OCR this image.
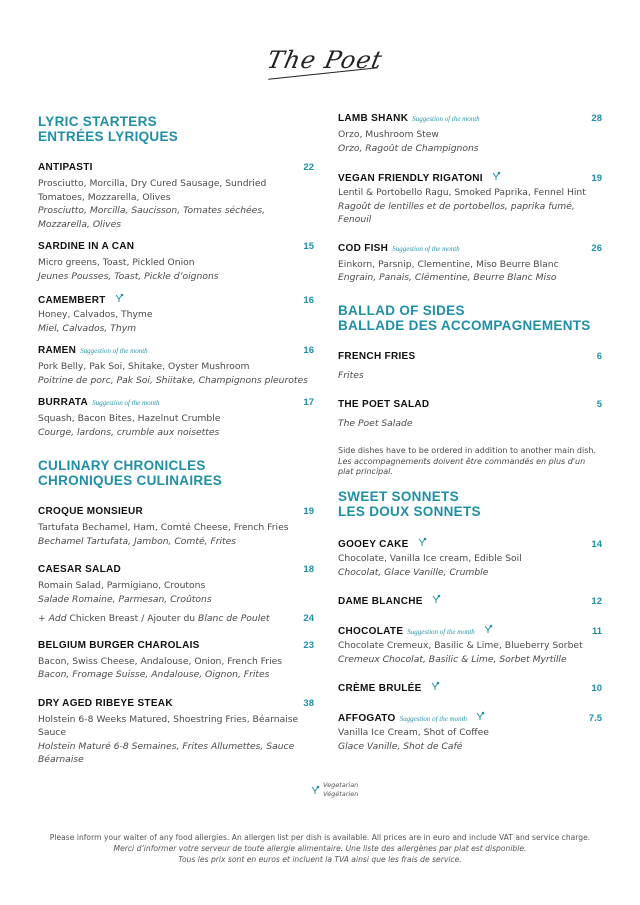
The Poet
LYRIC STARTERS
ENTRÉES LYRIQUES
ANTIPASTI	22
Prosciutto, Morcilla, Dry Cured Sausage, Sundried Tomatoes, Mozzarella, Olives
Prosciutto, Morcilla, Saucisson, Tomates séchées, Mozzarella, Olives
SARDINE IN A CAN	15
Micro greens, Toast, Pickled Onion
Jeunes Pousses, Toast, Pickle d’oignons
CAMEMBERT	16
Honey, Calvados, Thyme
Miel, Calvados, Thym
RAMEN Suggestion of the month	16
Pork Belly, Pak Soi, Shitake, Oyster Mushroom
Poitrine de porc, Pak Soi, Shiitake, Champignons pleurotes
BURRATA Suggestion of the month	17
Squash, Bacon Bites, Hazelnut Crumble
Courge, lardons, crumble aux noisettes
CULINARY CHRONICLES
CHRONIQUES CULINAIRES
CROQUE MONSIEUR	19
Tartufata Bechamel, Ham, Comté Cheese, French Fries
Bechamel Tartufata, Jambon, Comté, Frites
CAESAR SALAD	18
Romain Salad, Parmigiano, Croutons
Salade Romaine, Parmesan, Croûtons
+ Add Chicken Breast / Ajouter du Blanc de Poulet	24
BELGIUM BURGER CHAROLAIS	23
Bacon, Swiss Cheese, Andalouse, Onion, French Fries
Bacon, Fromage Suisse, Andalouse, Oignon, Frites
DRY AGED RIBEYE STEAK	38
Holstein 6-8 Weeks Matured, Shoestring Fries, Béarnaise Sauce
Holstein Maturé 6-8 Semaines, Frites Allumettes, Sauce Béarnaise
LAMB SHANK Suggestion of the month	28
Orzo, Mushroom Stew
Orzo, Ragoût de Champignons
VEGAN FRIENDLY RIGATONI	19
Lentil & Portobello Ragu, Smoked Paprika, Fennel Hint
Ragoût de lentilles et de portobellos, paprika fumé, Fenouil
COD FISH Suggestion of the month	26
Einkorn, Parsnip, Clementine, Miso Beurre Blanc
Engrain, Panais, Clémentine, Beurre Blanc Miso
BALLAD OF SIDES
BALLADE DES ACCOMPAGNEMENTS
FRENCH FRIES	6
Frites
THE POET SALAD	5
The Poet Salade
Side dishes have to be ordered in addition to another main dish.
Les accompagnements doivent être commandés en plus d'un plat principal.
SWEET SONNETS
LES DOUX SONNETS
GOOEY CAKE	14
Chocolate, Vanilla Ice cream, Edible Soil
Chocolat, Glace Vanille, Crumble
DAME BLANCHE	12
CHOCOLATE Suggestion of the month	11
Chocolate Cremeux, Basilic & Lime, Blueberry Sorbet
Cremeux Chocolat, Basilic & Lime, Sorbet Myrtille
CRÈME BRULÉE	10
AFFOGATO Suggestion of the month	7.5
Vanilla Ice Cream, Shot of Coffee
Glace Vanille, Shot de Café
Vegetarian
Végétarien
Please inform your waiter of any food allergies. An allergen list per dish is available. All prices are in euro and include VAT and service charge.
Merci d’informer votre serveur de toute allergie alimentaire. Une liste des allergènes par plat est disponible.
Tous les prix sont en euros et incluent la TVA ainsi que les frais de service.
